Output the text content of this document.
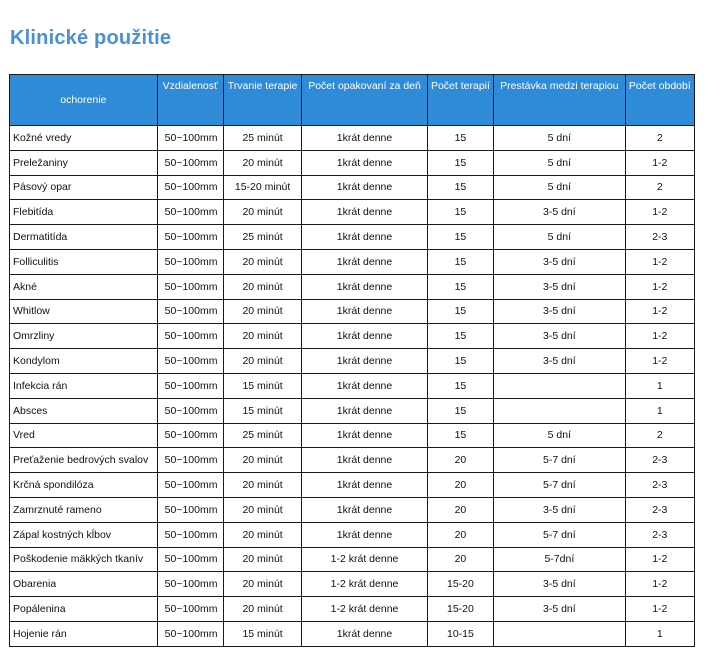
Klinické použitie
ochorenie	Vzdialenosť	Trvanie terapie	Počet opakovaní za deň	Počet terapií	Prestávka medzi terapiou	Počet období
Kožné vredy	50~100mm	25 minút	1krát denne	15	5 dní	2
Preležaniny	50~100mm	20 minút	1krát denne	15	5 dní	1-2
Pásový opar	50~100mm	15-20 minút	1krát denne	15	5 dní	2
Flebitída	50~100mm	20 minút	1krát denne	15	3-5 dní	1-2
Dermatitída	50~100mm	25 minút	1krát denne	15	5 dní	2-3
Folliculitis	50~100mm	20 minút	1krát denne	15	3-5 dní	1-2
Akné	50~100mm	20 minút	1krát denne	15	3-5 dní	1-2
Whitlow	50~100mm	20 minút	1krát denne	15	3-5 dní	1-2
Omrzliny	50~100mm	20 minút	1krát denne	15	3-5 dní	1-2
Kondylom	50~100mm	20 minút	1krát denne	15	3-5 dní	1-2
Infekcia rán	50~100mm	15 minút	1krát denne	15		1
Absces	50~100mm	15 minút	1krát denne	15		1
Vred	50~100mm	25 minút	1krát denne	15	5 dní	2
Preťaženie bedrových svalov	50~100mm	20 minút	1krát denne	20	5-7 dní	2-3
Krčná spondilóza	50~100mm	20 minút	1krát denne	20	5-7 dní	2-3
Zamrznuté rameno	50~100mm	20 minút	1krát denne	20	3-5 dní	2-3
Zápal kostných kĺbov	50~100mm	20 minút	1krát denne	20	5-7 dní	2-3
Poškodenie mäkkých tkanív	50~100mm	20 minút	1-2 krát denne	20	5-7dní	1-2
Obarenia	50~100mm	20 minút	1-2 krát denne	15-20	3-5 dní	1-2
Popálenina	50~100mm	20 minút	1-2 krát denne	15-20	3-5 dní	1-2
Hojenie rán	50~100mm	15 minút	1krát denne	10-15		1
